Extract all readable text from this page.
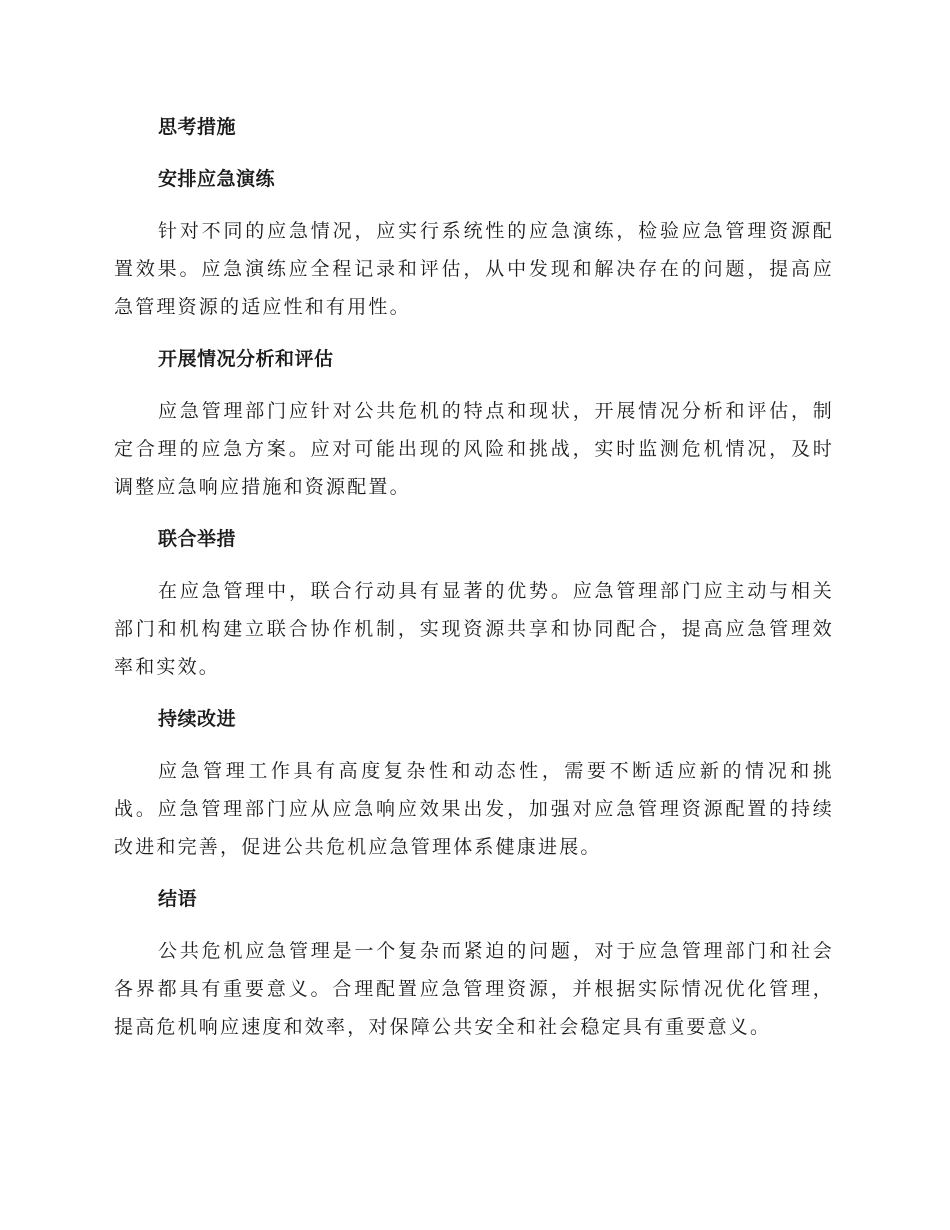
思考措施
安排应急演练

针对不同的应急情况，应实行系统性的应急演练，检验应急管理资源配置效果。应急演练应全程记录和评估，从中发现和解决存在的问题，提高应急管理资源的适应性和有用性。

开展情况分析和评估

应急管理部门应针对公共危机的特点和现状，开展情况分析和评估，制定合理的应急方案。应对可能出现的风险和挑战，实时监测危机情况，及时调整应急响应措施和资源配置。

联合举措

在应急管理中，联合行动具有显著的优势。应急管理部门应主动与相关部门和机构建立联合协作机制，实现资源共享和协同配合，提高应急管理效率和实效。

持续改进

应急管理工作具有高度复杂性和动态性，需要不断适应新的情况和挑战。应急管理部门应从应急响应效果出发，加强对应急管理资源配置的持续改进和完善，促进公共危机应急管理体系健康进展。

结语

公共危机应急管理是一个复杂而紧迫的问题，对于应急管理部门和社会各界都具有重要意义。合理配置应急管理资源，并根据实际情况优化管理，提高危机响应速度和效率，对保障公共安全和社会稳定具有重要意义。
